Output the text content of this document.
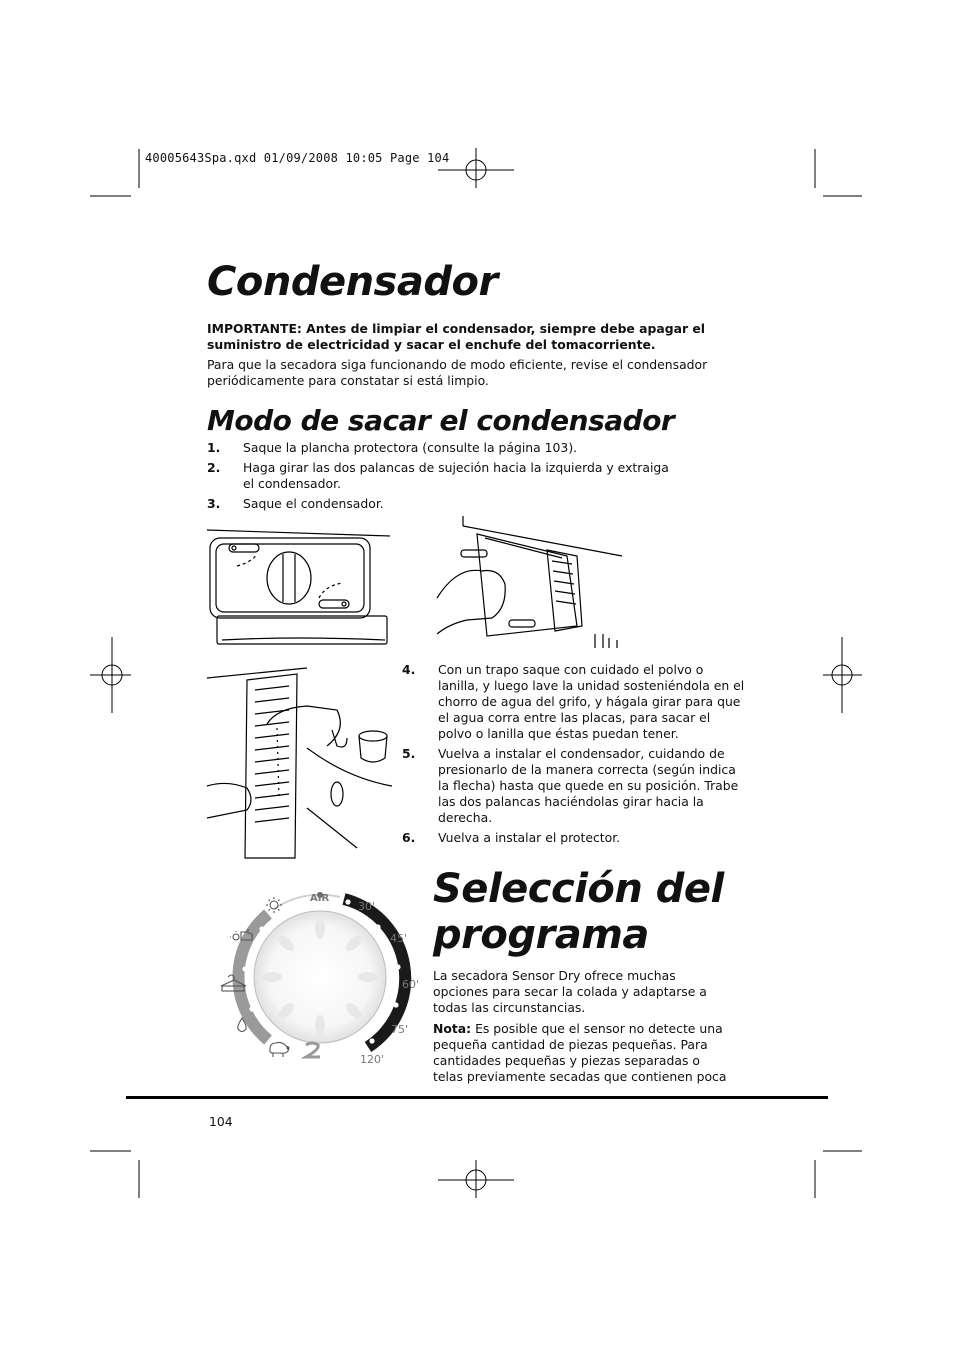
40005643Spa.qxd 01/09/2008 10:05 Page 104
Condensador
IMPORTANTE: Antes de limpiar el condensador, siempre debe apagar el suministro de electricidad y sacar el enchufe del tomacorriente.
Para que la secadora siga funcionando de modo eficiente, revise el condensador periódicamente para constatar si está limpio.
Modo de sacar el condensador
1. Saque la plancha protectora (consulte la página 103).
2. Haga girar las dos palancas de sujeción hacia la izquierda y extraiga el condensador.
3. Saque el condensador.
4. Con un trapo saque con cuidado el polvo o lanilla, y luego lave la unidad sosteniéndola en el chorro de agua del grifo, y hágala girar para que el agua corra entre las placas, para sacar el polvo o lanilla que éstas puedan tener.
5. Vuelva a instalar el condensador, cuidando de presionarlo de la manera correcta (según indica la flecha) hasta que quede en su posición. Trabe las dos palancas haciéndolas girar hacia la derecha.
6. Vuelva a instalar el protector.
Selección del programa
AIR
30'
45'
60'
75'
120'
La secadora Sensor Dry ofrece muchas opciones para secar la colada y adaptarse a todas las circunstancias.
Nota: Es posible que el sensor no detecte una pequeña cantidad de piezas pequeñas. Para cantidades pequeñas y piezas separadas o telas previamente secadas que contienen poca
104
